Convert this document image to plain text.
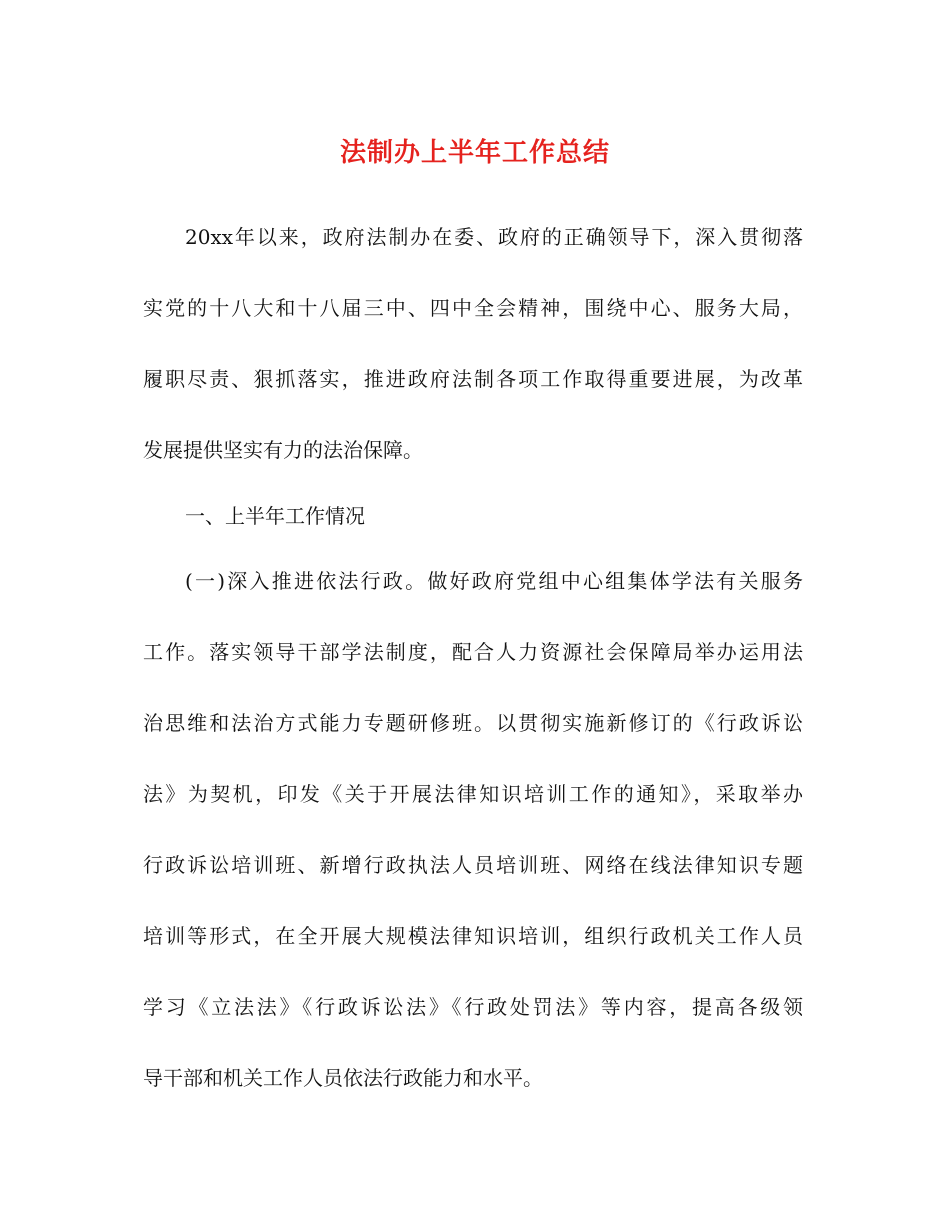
法制办上半年工作总结

20xx年以来，政府法制办在委、政府的正确领导下，深入贯彻落

实党的十八大和十八届三中、四中全会精神，围绕中心、服务大局，

履职尽责、狠抓落实，推进政府法制各项工作取得重要进展，为改革

发展提供坚实有力的法治保障。

一、上半年工作情况

(一)深入推进依法行政。做好政府党组中心组集体学法有关服务

工作。落实领导干部学法制度，配合人力资源社会保障局举办运用法

治思维和法治方式能力专题研修班。以贯彻实施新修订的《行政诉讼

法》为契机，印发《关于开展法律知识培训工作的通知》，采取举办

行政诉讼培训班、新增行政执法人员培训班、网络在线法律知识专题

培训等形式，在全开展大规模法律知识培训，组织行政机关工作人员

学习《立法法》《行政诉讼法》《行政处罚法》等内容，提高各级领

导干部和机关工作人员依法行政能力和水平。
